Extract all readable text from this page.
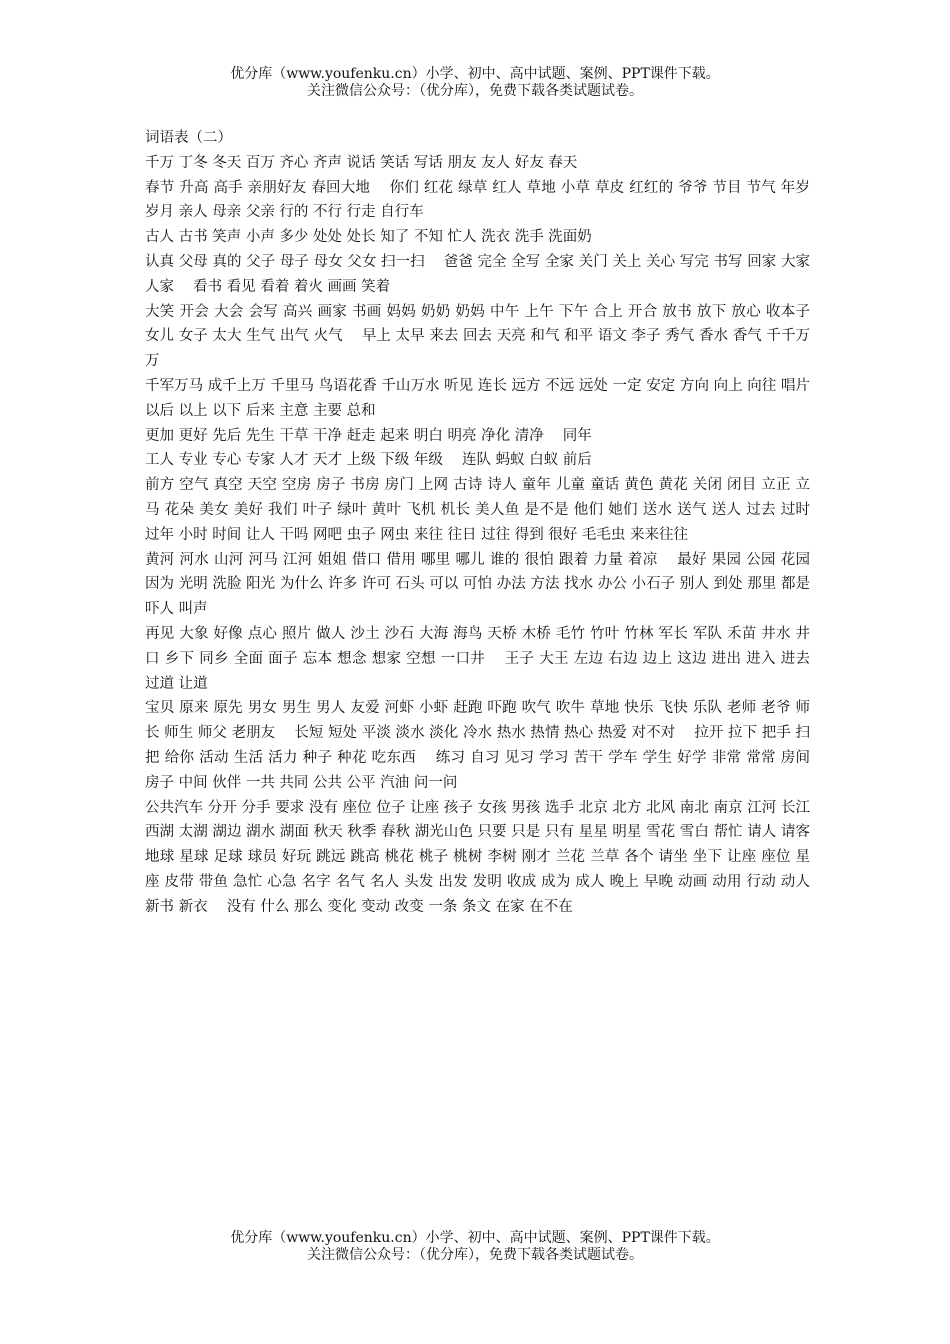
优分库（www.youfenku.cn）小学、初中、高中试题、案例、PPT课件下载。
关注微信公众号：（优分库），免费下载各类试题试卷。
词语表（二）

千万 丁冬 冬天 百万 齐心 齐声 说话 笑话 写话 朋友 友人 好友 春天

春节 升高 高手 亲朋好友 春回大地　 你们 红花 绿草 红人 草地 小草 草皮 红红的 爷爷 节目 节气 年岁 岁月 亲人 母亲 父亲 行的 不行 行走 自行车

古人 古书 笑声 小声 多少 处处 处长 知了 不知 忙人 洗衣 洗手 洗面奶

认真 父母 真的 父子 母子 母女 父女 扫一扫　 爸爸 完全 全写 全家 关门 关上 关心 写完 书写 回家 大家 人家　 看书 看见 看着 着火 画画 笑着

大笑 开会 大会 会写 高兴 画家 书画 妈妈 奶奶 奶妈 中午 上午 下午 合上 开合 放书 放下 放心 收本子 女儿 女子 太大 生气 出气 火气　 早上 太早 来去 回去 天亮 和气 和平 语文 李子 秀气 香水 香气 千千万万

千军万马 成千上万 千里马 鸟语花香 千山万水 听见 连长 远方 不远 远处 一定 安定 方向 向上 向往 唱片　 以后 以上 以下 后来 主意 主要 总和

更加 更好 先后 先生 干草 干净 赶走 起来 明白 明亮 净化 清净　 同年

工人 专业 专心 专家 人才 天才 上级 下级 年级　 连队 蚂蚁 白蚁 前后

前方 空气 真空 天空 空房 房子 书房 房门 上网 古诗 诗人 童年 儿童 童话 黄色 黄花 关闭 闭目 立正 立马 花朵 美女 美好 我们 叶子 绿叶 黄叶 飞机 机长 美人鱼 是不是 他们 她们 送水 送气 送人 过去 过时 过年 小时 时间 让人 干吗 网吧 虫子 网虫 来往 往日 过往 得到 很好 毛毛虫 来来往往

黄河 河水 山河 河马 江河 姐姐 借口 借用 哪里 哪儿 谁的 很怕 跟着 力量 着凉　 最好 果园 公园 花园 因为 光明 洗脸 阳光 为什么 许多 许可 石头 可以 可怕 办法 方法 找水 办公 小石子 别人 到处 那里 都是 吓人 叫声

再见 大象 好像 点心 照片 做人 沙土 沙石 大海 海鸟 天桥 木桥 毛竹 竹叶 竹林 军长 军队 禾苗 井水 井口 乡下 同乡 全面 面子 忘本 想念 想家 空想 一口井　 王子 大王 左边 右边 边上 这边 进出 进入 进去 过道 让道

宝贝 原来 原先 男女 男生 男人 友爱 河虾 小虾 赶跑 吓跑 吹气 吹牛 草地 快乐 飞快 乐队 老师 老爷 师长 师生 师父 老朋友　 长短 短处 平淡 淡水 淡化 冷水 热水 热情 热心 热爱 对不对　 拉开 拉下 把手 扫把 给你 活动 生活 活力 种子 种花 吃东西　 练习 自习 见习 学习 苦干 学车 学生 好学 非常 常常 房间 房子 中间 伙伴 一共 共同 公共 公平 汽油 问一问

公共汽车 分开 分手 要求 没有 座位 位子 让座 孩子 女孩 男孩 选手 北京 北方 北风 南北 南京 江河 长江 西湖 太湖 湖边 湖水 湖面 秋天 秋季 春秋 湖光山色 只要 只是 只有 星星 明星 雪花 雪白 帮忙 请人 请客 地球 星球 足球 球员 好玩 跳远 跳高 桃花 桃子 桃树 李树 刚才 兰花 兰草 各个 请坐 坐下 让座 座位 星座 皮带 带鱼 急忙 心急 名字 名气 名人 头发 出发 发明 收成 成为 成人 晚上 早晚 动画 动用 行动 动人 新书 新衣　 没有 什么 那么 变化 变动 改变 一条 条文 在家 在不在

优分库（www.youfenku.cn）小学、初中、高中试题、案例、PPT课件下载。
关注微信公众号：（优分库），免费下载各类试题试卷。
